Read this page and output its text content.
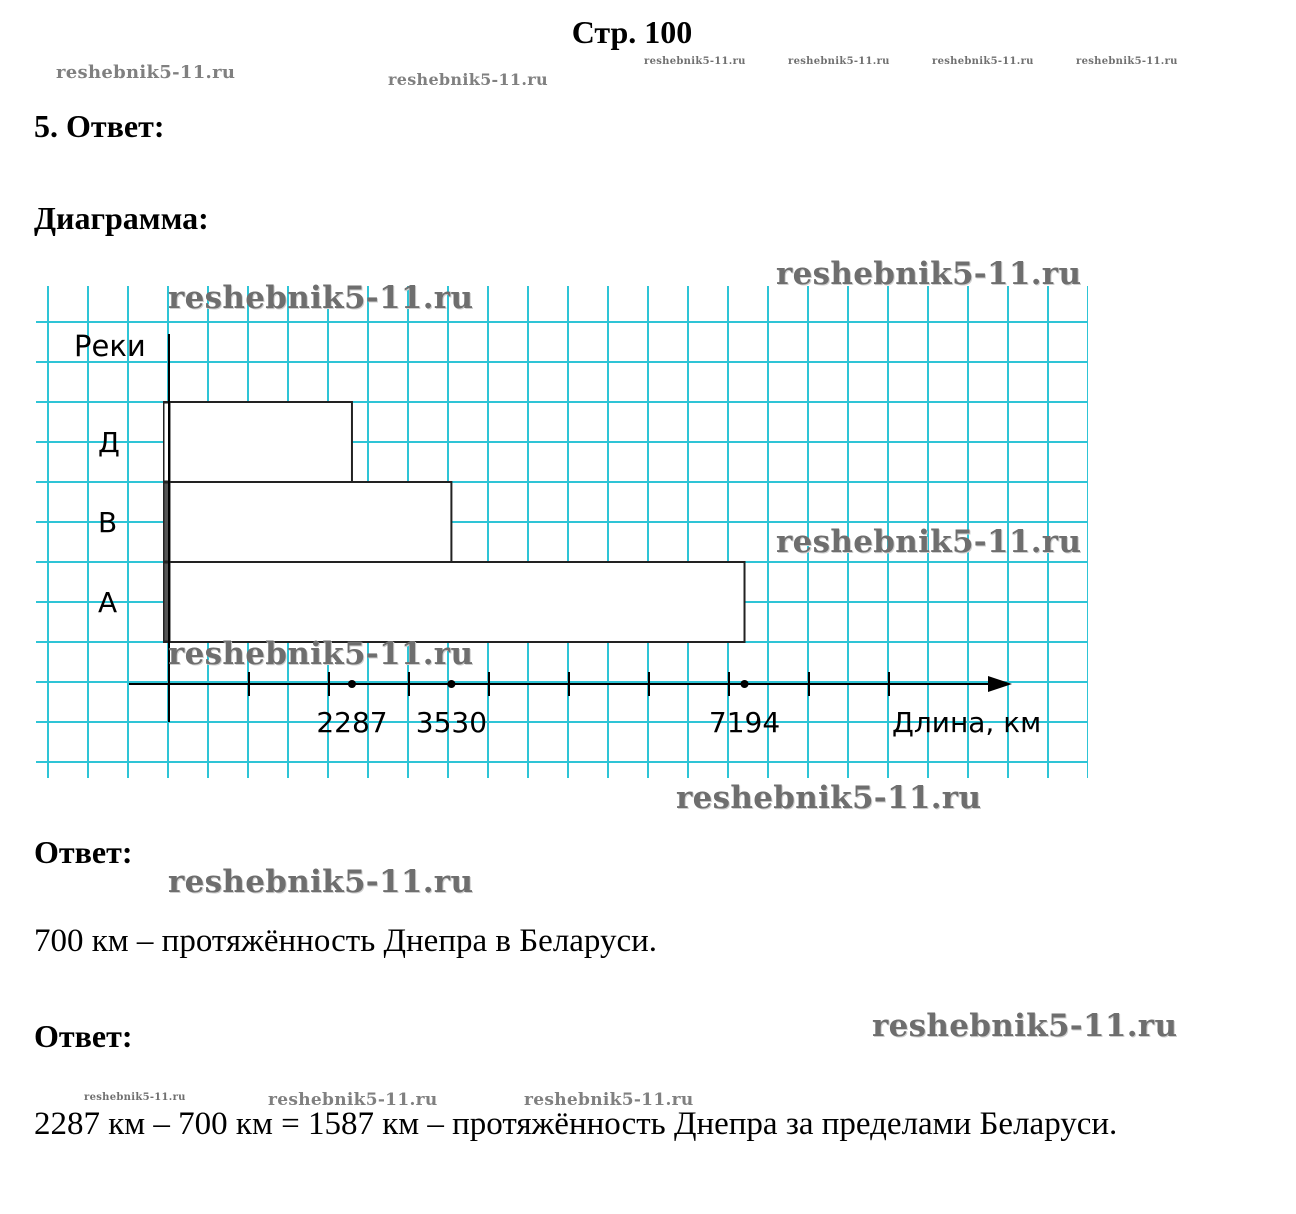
Стр. 100
reshebnik5-11.ru	reshebnik5-11.ru
reshebnik5-11.ru	reshebnik5-11.ru	reshebnik5-11.ru	reshebnik5-11.ru
5. Ответ:
Диаграмма:
Д
В
А
2287 3530	7194
Реки
Длина, км
reshebnik5-11.ru
reshebnik5-11.ru
reshebnik5-11.ru
reshebnik5-11.ru
reshebnik5-11.ru
Ответ:
reshebnik5-11.ru
700 км – протяжённость Днепра в Беларуси.
Ответ:	reshebnik5-11.ru
reshebnik5-11.ru	reshebnik5-11.ru	reshebnik5-11.ru
2287 км – 700 км = 1587 км – протяжённость Днепра за пределами Беларуси.
